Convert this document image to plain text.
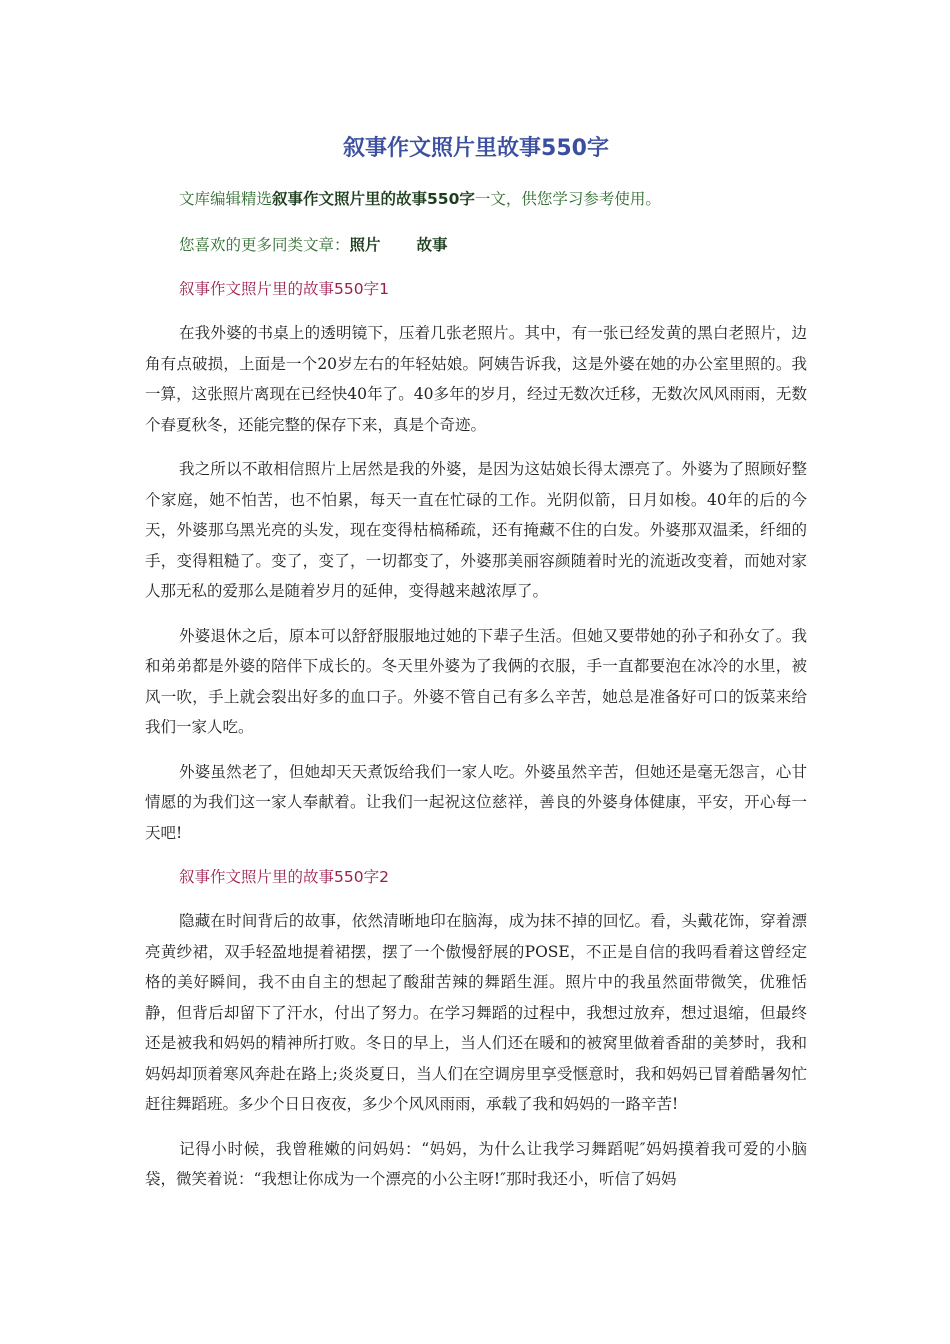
叙事作文照片里故事550字

文库编辑精选叙事作文照片里的故事550字一文，供您学习参考使用。

您喜欢的更多同类文章：照片 故事

叙事作文照片里的故事550字1

在我外婆的书桌上的透明镜下，压着几张老照片。其中，有一张已经发黄的黑白老照片，边角有点破损，上面是一个20岁左右的年轻姑娘。阿姨告诉我，这是外婆在她的办公室里照的。我一算，这张照片离现在已经快40年了。40多年的岁月，经过无数次迁移，无数次风风雨雨，无数个春夏秋冬，还能完整的保存下来，真是个奇迹。

我之所以不敢相信照片上居然是我的外婆，是因为这姑娘长得太漂亮了。外婆为了照顾好整个家庭，她不怕苦，也不怕累，每天一直在忙碌的工作。光阴似箭，日月如梭。40年的后的今天，外婆那乌黑光亮的头发，现在变得枯槁稀疏，还有掩藏不住的白发。外婆那双温柔，纤细的手，变得粗糙了。变了，变了，一切都变了，外婆那美丽容颜随着时光的流逝改变着，而她对家人那无私的爱那么是随着岁月的延伸，变得越来越浓厚了。

外婆退休之后，原本可以舒舒服服地过她的下辈子生活。但她又要带她的孙子和孙女了。我和弟弟都是外婆的陪伴下成长的。冬天里外婆为了我俩的衣服，手一直都要泡在冰冷的水里，被风一吹，手上就会裂出好多的血口子。外婆不管自己有多么辛苦，她总是准备好可口的饭菜来给我们一家人吃。

外婆虽然老了，但她却天天煮饭给我们一家人吃。外婆虽然辛苦，但她还是毫无怨言，心甘情愿的为我们这一家人奉献着。让我们一起祝这位慈祥，善良的外婆身体健康，平安，开心每一天吧!

叙事作文照片里的故事550字2

隐藏在时间背后的故事，依然清晰地印在脑海，成为抹不掉的回忆。看，头戴花饰，穿着漂亮黄纱裙，双手轻盈地提着裙摆，摆了一个傲慢舒展的POSE，不正是自信的我吗看着这曾经定格的美好瞬间，我不由自主的想起了酸甜苦辣的舞蹈生涯。照片中的我虽然面带微笑，优雅恬静，但背后却留下了汗水，付出了努力。在学习舞蹈的过程中，我想过放弃，想过退缩，但最终还是被我和妈妈的精神所打败。冬日的早上，当人们还在暖和的被窝里做着香甜的美梦时，我和妈妈却顶着寒风奔赴在路上;炎炎夏日，当人们在空调房里享受惬意时，我和妈妈已冒着酷暑匆忙赶往舞蹈班。多少个日日夜夜，多少个风风雨雨，承载了我和妈妈的一路辛苦!

记得小时候，我曾稚嫩的问妈妈：“妈妈，为什么让我学习舞蹈呢″妈妈摸着我可爱的小脑袋，微笑着说：“我想让你成为一个漂亮的小公主呀!″那时我还小，听信了妈妈
